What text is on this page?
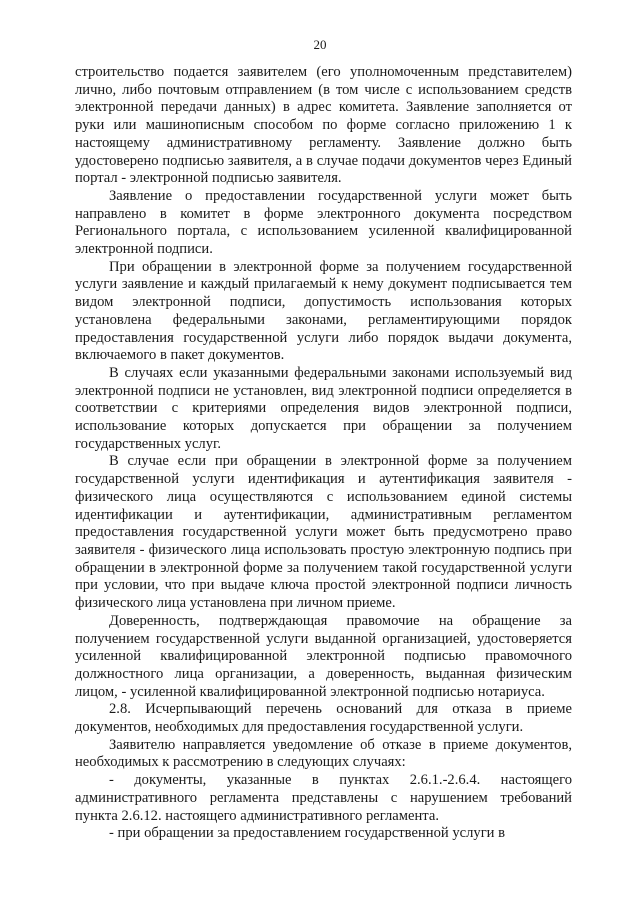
20

строительство подается заявителем (его уполномоченным представителем) лично, либо почтовым отправлением (в том числе с использованием средств электронной передачи данных) в адрес комитета. Заявление заполняется от руки или машинописным способом по форме согласно приложению 1 к настоящему административному регламенту. Заявление должно быть удостоверено подписью заявителя, а в случае подачи документов через Единый портал - электронной подписью заявителя.

Заявление о предоставлении государственной услуги может быть направлено в комитет в форме электронного документа посредством Регионального портала, с использованием усиленной квалифицированной электронной подписи.

При обращении в электронной форме за получением государственной услуги заявление и каждый прилагаемый к нему документ подписывается тем видом электронной подписи, допустимость использования которых установлена федеральными законами, регламентирующими порядок предоставления государственной услуги либо порядок выдачи документа, включаемого в пакет документов.

В случаях если указанными федеральными законами используемый вид электронной подписи не установлен, вид электронной подписи определяется в соответствии с критериями определения видов электронной подписи, использование которых допускается при обращении за получением государственных услуг.

В случае если при обращении в электронной форме за получением государственной услуги идентификация и аутентификация заявителя - физического лица осуществляются с использованием единой системы идентификации и аутентификации, административным регламентом предоставления государственной услуги может быть предусмотрено право заявителя - физического лица использовать простую электронную подпись при обращении в электронной форме за получением такой государственной услуги при условии, что при выдаче ключа простой электронной подписи личность физического лица установлена при личном приеме.

Доверенность, подтверждающая правомочие на обращение за получением государственной услуги выданной организацией, удостоверяется усиленной квалифицированной электронной подписью правомочного должностного лица организации, а доверенность, выданная физическим лицом, - усиленной квалифицированной электронной подписью нотариуса.

2.8. Исчерпывающий перечень оснований для отказа в приеме документов, необходимых для предоставления государственной услуги.

Заявителю направляется уведомление об отказе в приеме документов, необходимых к рассмотрению в следующих случаях:

- документы, указанные в пунктах 2.6.1.-2.6.4. настоящего административного регламента представлены с нарушением требований пункта 2.6.12. настоящего административного регламента.

- при обращении за предоставлением государственной услуги в
